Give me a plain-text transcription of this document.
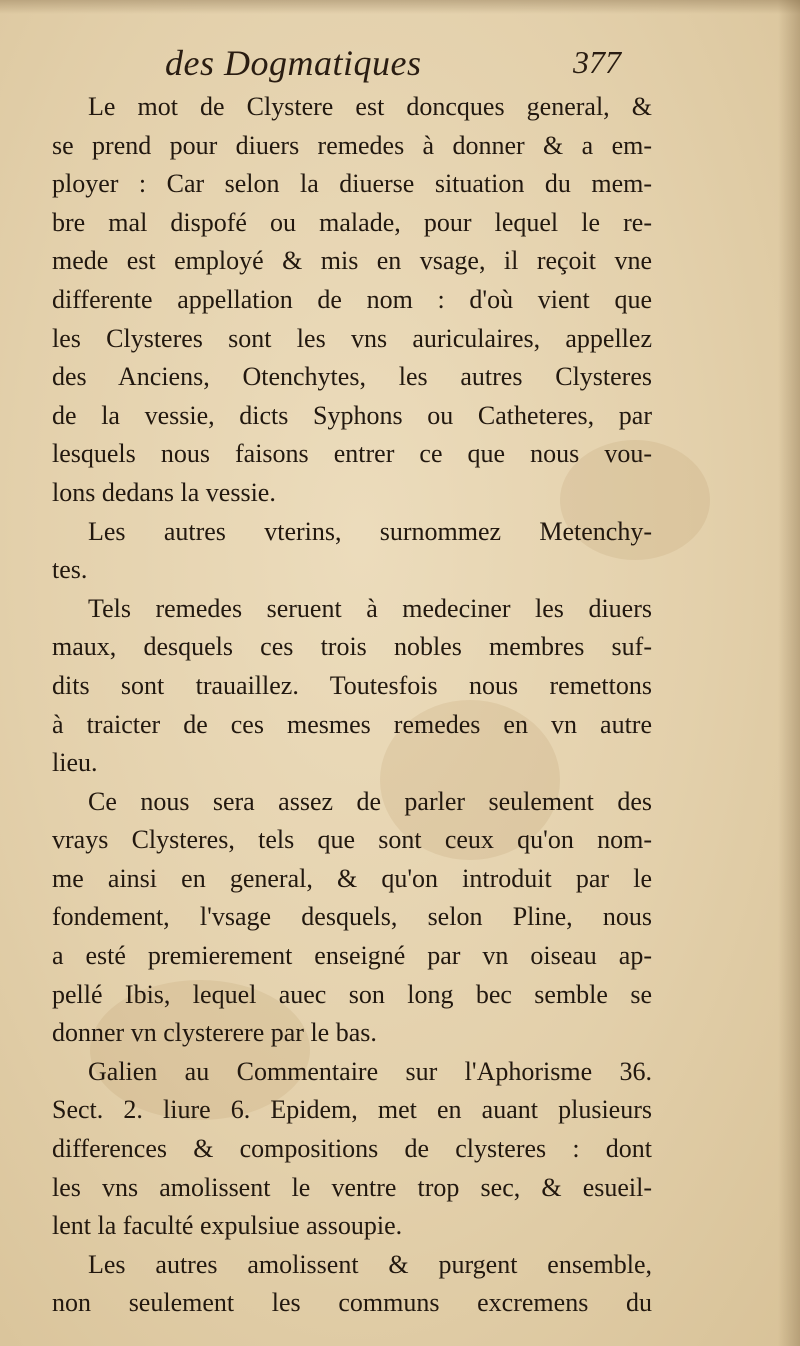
des Dogmatiques	377
Le mot de Clystere est doncques general, &
se prend pour diuers remedes à donner & a em-
ployer : Car selon la diuerse situation du mem-
bre mal dispofé ou malade, pour lequel le re-
mede est employé & mis en vsage, il reçoit vne
differente appellation de nom : d'où vient que
les Clysteres sont les vns auriculaires, appellez
des Anciens, Otenchytes, les autres Clysteres
de la vessie, dicts Syphons ou Catheteres, par
lesquels nous faisons entrer ce que nous vou-
lons dedans la vessie.
Les autres vterins, surnommez Metenchy-
tes.
Tels remedes seruent à medeciner les diuers
maux, desquels ces trois nobles membres suf-
dits sont trauaillez. Toutesfois nous remettons
à traicter de ces mesmes remedes en vn autre
lieu.
Ce nous sera assez de parler seulement des
vrays Clysteres, tels que sont ceux qu'on nom-
me ainsi en general, & qu'on introduit par le
fondement, l'vsage desquels, selon Pline, nous
a esté premierement enseigné par vn oiseau ap-
pellé Ibis, lequel auec son long bec semble se
donner vn clysterere par le bas.
Galien au Commentaire sur l'Aphorisme 36.
Sect. 2. liure 6. Epidem, met en auant plusieurs
differences & compositions de clysteres : dont
les vns amolissent le ventre trop sec, & esueil-
lent la faculté expulsiue assoupie.
Les autres amolissent & purgent ensemble,
non seulement les communs excremens du
